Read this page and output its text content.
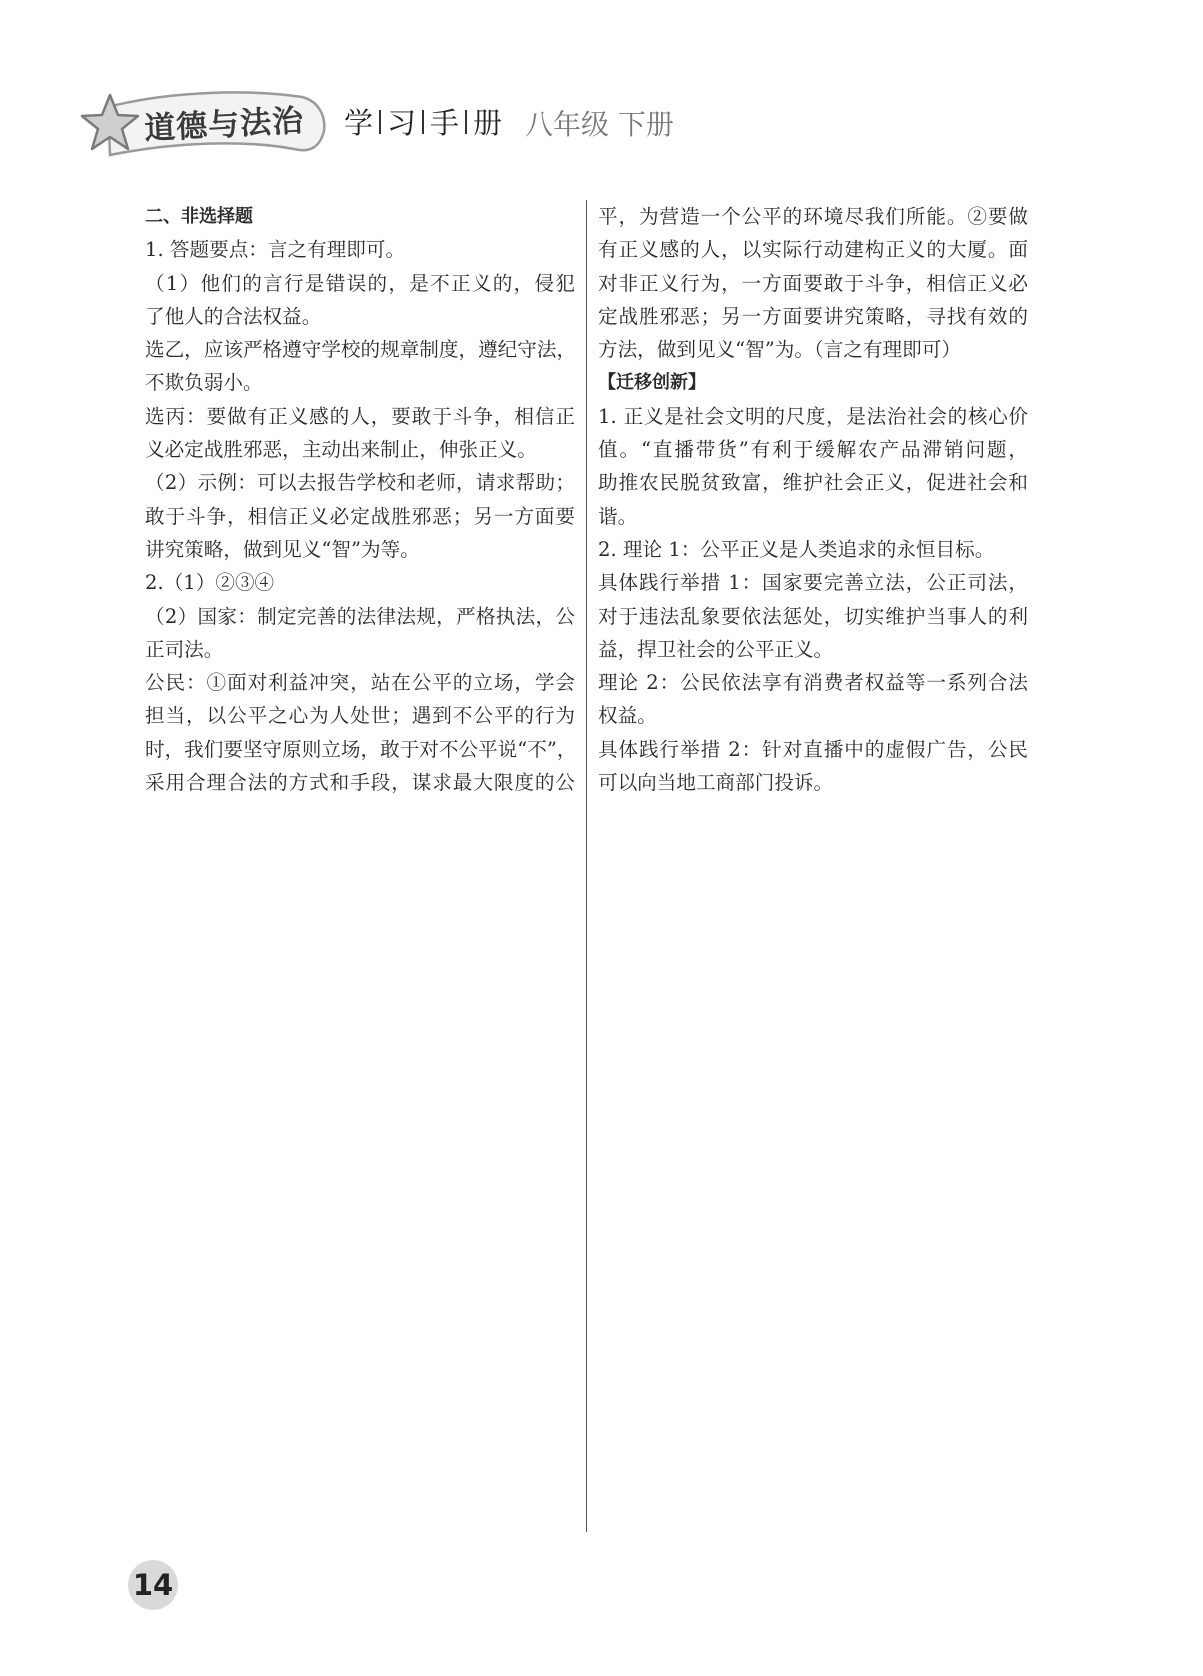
道德与法治 学 习 手 册 八年级 下册
二、非选择题
1. 答题要点：言之有理即可。
（1）他们的言行是错误的，是不正义的，侵犯
了他人的合法权益。
选乙，应该严格遵守学校的规章制度，遵纪守法，
不欺负弱小。
选丙：要做有正义感的人，要敢于斗争，相信正
义必定战胜邪恶，主动出来制止，伸张正义。
（2）示例：可以去报告学校和老师，请求帮助；
敢于斗争，相信正义必定战胜邪恶；另一方面要
讲究策略，做到见义“智”为等。
2.（1）②③④
（2）国家：制定完善的法律法规，严格执法，公
正司法。
公民：①面对利益冲突，站在公平的立场，学会
担当，以公平之心为人处世；遇到不公平的行为
时，我们要坚守原则立场，敢于对不公平说“不”，
采用合理合法的方式和手段，谋求最大限度的公
平，为营造一个公平的环境尽我们所能。②要做
有正义感的人，以实际行动建构正义的大厦。面
对非正义行为，一方面要敢于斗争，相信正义必
定战胜邪恶；另一方面要讲究策略，寻找有效的
方法，做到见义“智”为。（言之有理即可）
【迁移创新】
1. 正义是社会文明的尺度，是法治社会的核心价
值。“直播带货”有利于缓解农产品滞销问题，
助推农民脱贫致富，维护社会正义，促进社会和
谐。
2. 理论 1：公平正义是人类追求的永恒目标。
具体践行举措 1：国家要完善立法，公正司法，
对于违法乱象要依法惩处，切实维护当事人的利
益，捍卫社会的公平正义。
理论 2：公民依法享有消费者权益等一系列合法
权益。
具体践行举措 2：针对直播中的虚假广告，公民
可以向当地工商部门投诉。
14
